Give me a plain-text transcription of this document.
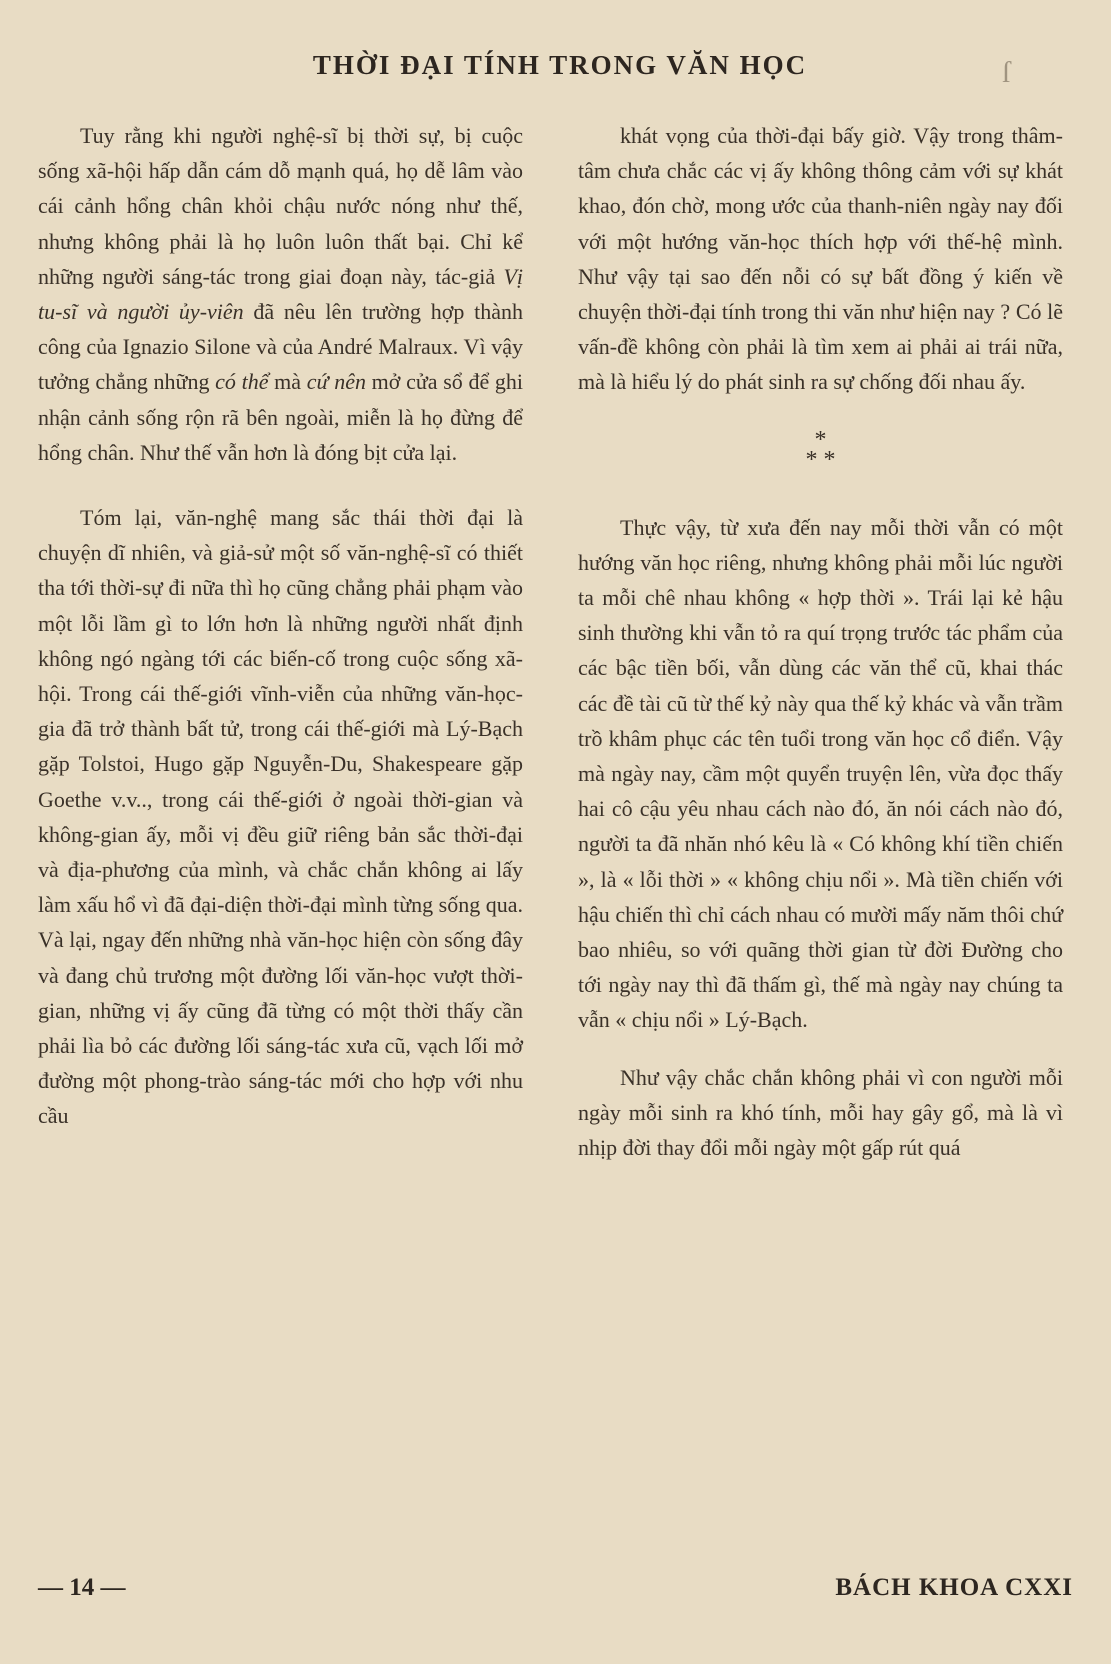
THỜI ĐẠI TÍNH TRONG VĂN HỌC	ſ

Tuy rằng khi người nghệ-sĩ bị thời sự, bị cuộc sống xã-hội hấp dẫn cám dỗ mạnh quá, họ dễ lâm vào cái cảnh hổng chân khỏi chậu nước nóng như thế, nhưng không phải là họ luôn luôn thất bại. Chỉ kể những người sáng-tác trong giai đoạn này, tác-giả Vị tu-sĩ và người ủy-viên đã nêu lên trường hợp thành công của Ignazio Silone và của André Malraux. Vì vậy tưởng chẳng những có thể mà cứ nên mở cửa sổ để ghi nhận cảnh sống rộn rã bên ngoài, miễn là họ đừng để hổng chân. Như thế vẫn hơn là đóng bịt cửa lại.

Tóm lại, văn-nghệ mang sắc thái thời đại là chuyện dĩ nhiên, và giả-sử một số văn-nghệ-sĩ có thiết tha tới thời-sự đi nữa thì họ cũng chẳng phải phạm vào một lỗi lầm gì to lớn hơn là những người nhất định không ngó ngàng tới các biến-cố trong cuộc sống xã-hội. Trong cái thế-giới vĩnh-viễn của những văn-học-gia đã trở thành bất tử, trong cái thế-giới mà Lý-Bạch gặp Tolstoi, Hugo gặp Nguyễn-Du, Shakespeare gặp Goethe v.v.., trong cái thế-giới ở ngoài thời-gian và không-gian ấy, mỗi vị đều giữ riêng bản sắc thời-đại và địa-phương của mình, và chắc chắn không ai lấy làm xấu hổ vì đã đại-diện thời-đại mình từng sống qua. Và lại, ngay đến những nhà văn-học hiện còn sống đây và đang chủ trương một đường lối văn-học vượt thời-gian, những vị ấy cũng đã từng có một thời thấy cần phải lìa bỏ các đường lối sáng-tác xưa cũ, vạch lối mở đường một phong-trào sáng-tác mới cho hợp với nhu cầu

khát vọng của thời-đại bấy giờ. Vậy trong thâm-tâm chưa chắc các vị ấy không thông cảm với sự khát khao, đón chờ, mong ước của thanh-niên ngày nay đối với một hướng văn-học thích hợp với thế-hệ mình. Như vậy tại sao đến nỗi có sự bất đồng ý kiến về chuyện thời-đại tính trong thi văn như hiện nay ? Có lẽ vấn-đề không còn phải là tìm xem ai phải ai trái nữa, mà là hiểu lý do phát sinh ra sự chống đối nhau ấy.

*
* *

Thực vậy, từ xưa đến nay mỗi thời vẫn có một hướng văn học riêng, nhưng không phải mỗi lúc người ta mỗi chê nhau không « hợp thời ». Trái lại kẻ hậu sinh thường khi vẫn tỏ ra quí trọng trước tác phẩm của các bậc tiền bối, vẫn dùng các văn thể cũ, khai thác các đề tài cũ từ thế kỷ này qua thế kỷ khác và vẫn trầm trồ khâm phục các tên tuổi trong văn học cổ điển. Vậy mà ngày nay, cầm một quyển truyện lên, vừa đọc thấy hai cô cậu yêu nhau cách nào đó, ăn nói cách nào đó, người ta đã nhăn nhó kêu là « Có không khí tiền chiến », là « lỗi thời » « không chịu nổi ». Mà tiền chiến với hậu chiến thì chỉ cách nhau có mười mấy năm thôi chứ bao nhiêu, so với quãng thời gian từ đời Đường cho tới ngày nay thì đã thấm gì, thế mà ngày nay chúng ta vẫn « chịu nổi » Lý-Bạch.

Như vậy chắc chắn không phải vì con người mỗi ngày mỗi sinh ra khó tính, mỗi hay gây gổ, mà là vì nhịp đời thay đổi mỗi ngày một gấp rút quá

— 14 —	BÁCH KHOA CXXI
